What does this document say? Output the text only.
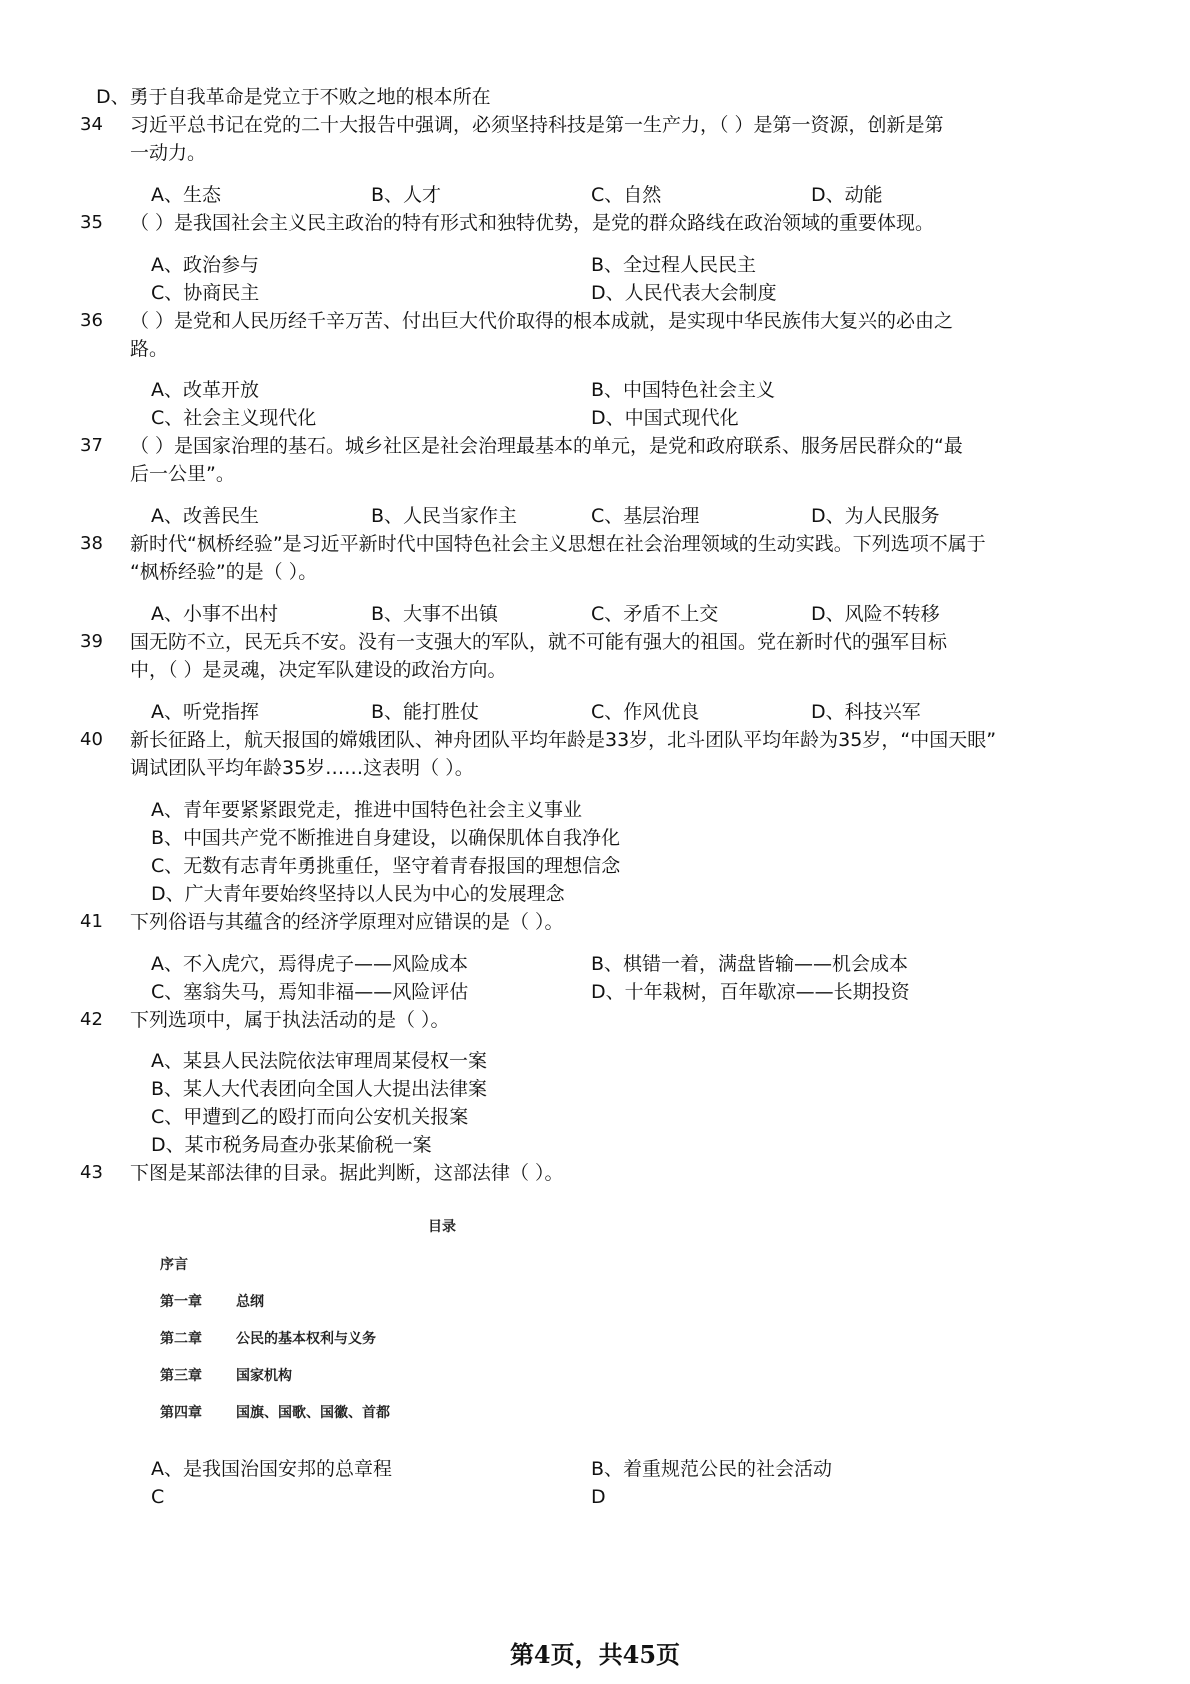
D、勇于自我革命是党立于不败之地的根本所在
34 习近平总书记在党的二十大报告中强调，必须坚持科技是第一生产力，（ ）是第一资源，创新是第
一动力。
A、生态	B、人才	C、自然	D、动能
35 （ ）是我国社会主义民主政治的特有形式和独特优势，是党的群众路线在政治领域的重要体现。
A、政治参与	B、全过程人民民主
C、协商民主	D、人民代表大会制度
36 （ ）是党和人民历经千辛万苦、付出巨大代价取得的根本成就，是实现中华民族伟大复兴的必由之
路。
A、改革开放	B、中国特色社会主义
C、社会主义现代化	D、中国式现代化
37 （ ）是国家治理的基石。城乡社区是社会治理最基本的单元，是党和政府联系、服务居民群众的“最
后一公里”。
A、改善民生	B、人民当家作主	C、基层治理	D、为人民服务
38 新时代“枫桥经验”是习近平新时代中国特色社会主义思想在社会治理领域的生动实践。下列选项不属于
“枫桥经验”的是（ ）。
A、小事不出村	B、大事不出镇	C、矛盾不上交	D、风险不转移
39 国无防不立，民无兵不安。没有一支强大的军队，就不可能有强大的祖国。党在新时代的强军目标
中，（ ）是灵魂，决定军队建设的政治方向。
A、听党指挥	B、能打胜仗	C、作风优良	D、科技兴军
40 新长征路上，航天报国的嫦娥团队、神舟团队平均年龄是33岁，北斗团队平均年龄为35岁，“中国天眼”
调试团队平均年龄35岁……这表明（ ）。
A、青年要紧紧跟党走，推进中国特色社会主义事业
B、中国共产党不断推进自身建设，以确保肌体自我净化
C、无数有志青年勇挑重任，坚守着青春报国的理想信念
D、广大青年要始终坚持以人民为中心的发展理念
41 下列俗语与其蕴含的经济学原理对应错误的是（ ）。
A、不入虎穴，焉得虎子——风险成本	B、棋错一着，满盘皆输——机会成本
C、塞翁失马，焉知非福——风险评估	D、十年栽树，百年歇凉——长期投资
42 下列选项中，属于执法活动的是（ ）。
A、某县人民法院依法审理周某侵权一案
B、某人大代表团向全国人大提出法律案
C、甲遭到乙的殴打而向公安机关报案
D、某市税务局查办张某偷税一案
43 下图是某部法律的目录。据此判断，这部法律（ ）。
目录
序言
第一章 总纲
第二章 公民的基本权利与义务
第三章 国家机构
第四章 国旗、国歌、国徽、首都
A、是我国治国安邦的总章程	B、着重规范公民的社会活动
C	D
第4页，共45页
